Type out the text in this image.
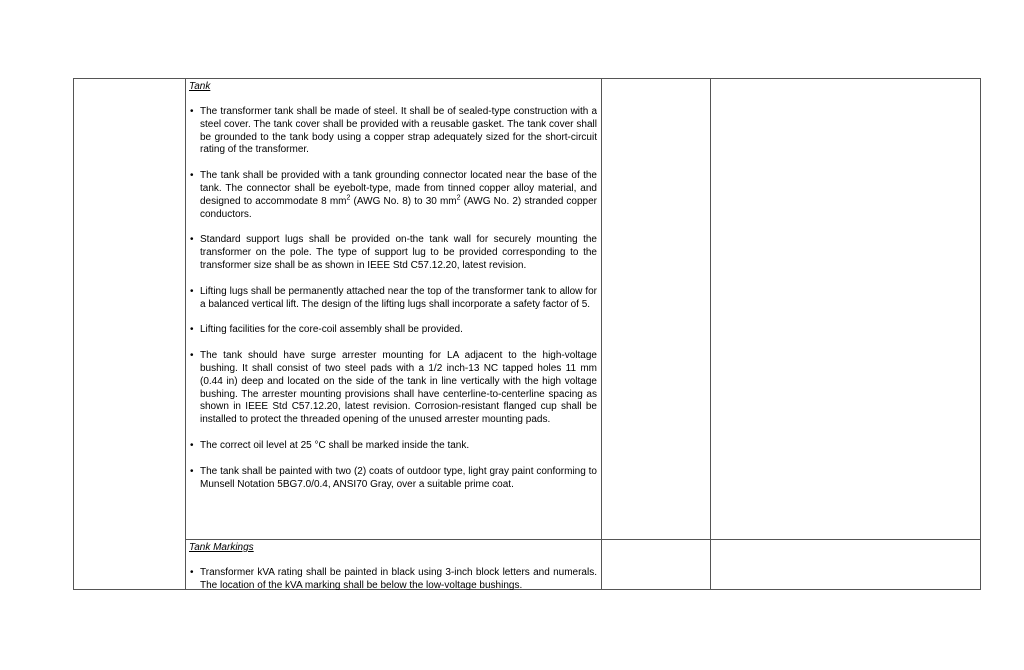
Tank
• The transformer tank shall be made of steel. It shall be of sealed-type construction with a steel cover. The tank cover shall be provided with a reusable gasket. The tank cover shall be grounded to the tank body using a copper strap adequately sized for the short-circuit rating of the transformer.
• The tank shall be provided with a tank grounding connector located near the base of the tank. The connector shall be eyebolt-type, made from tinned copper alloy material, and designed to accommodate 8 $mm^2$ (AWG No. 8) to 30 $mm^2$ (AWG No. 2) stranded copper conductors.
• Standard support lugs shall be provided on-the tank wall for securely mounting the transformer on the pole. The type of support lug to be provided corresponding to the transformer size shall be as shown in IEEE Std C57.12.20, latest revision.
• Lifting lugs shall be permanently attached near the top of the transformer tank to allow for a balanced vertical lift. The design of the lifting lugs shall incorporate a safety factor of 5.
• Lifting facilities for the core-coil assembly shall be provided.
• The tank should have surge arrester mounting for LA adjacent to the high-voltage bushing. It shall consist of two steel pads with a 1/2 inch-13 NC tapped holes 11 mm (0.44 in) deep and located on the side of the tank in line vertically with the high voltage bushing. The arrester mounting provisions shall have centerline-to-centerline spacing as shown in IEEE Std C57.12.20, latest revision. Corrosion-resistant flanged cup shall be installed to protect the threaded opening of the unused arrester mounting pads.
• The correct oil level at 25 °C shall be marked inside the tank.
• The tank shall be painted with two (2) coats of outdoor type, light gray paint conforming to Munsell Notation 5BG7.0/0.4, ANSI70 Gray, over a suitable prime coat.
Tank Markings
• Transformer kVA rating shall be painted in black using 3-inch block letters and numerals. The location of the kVA marking shall be below the low-voltage bushings.
